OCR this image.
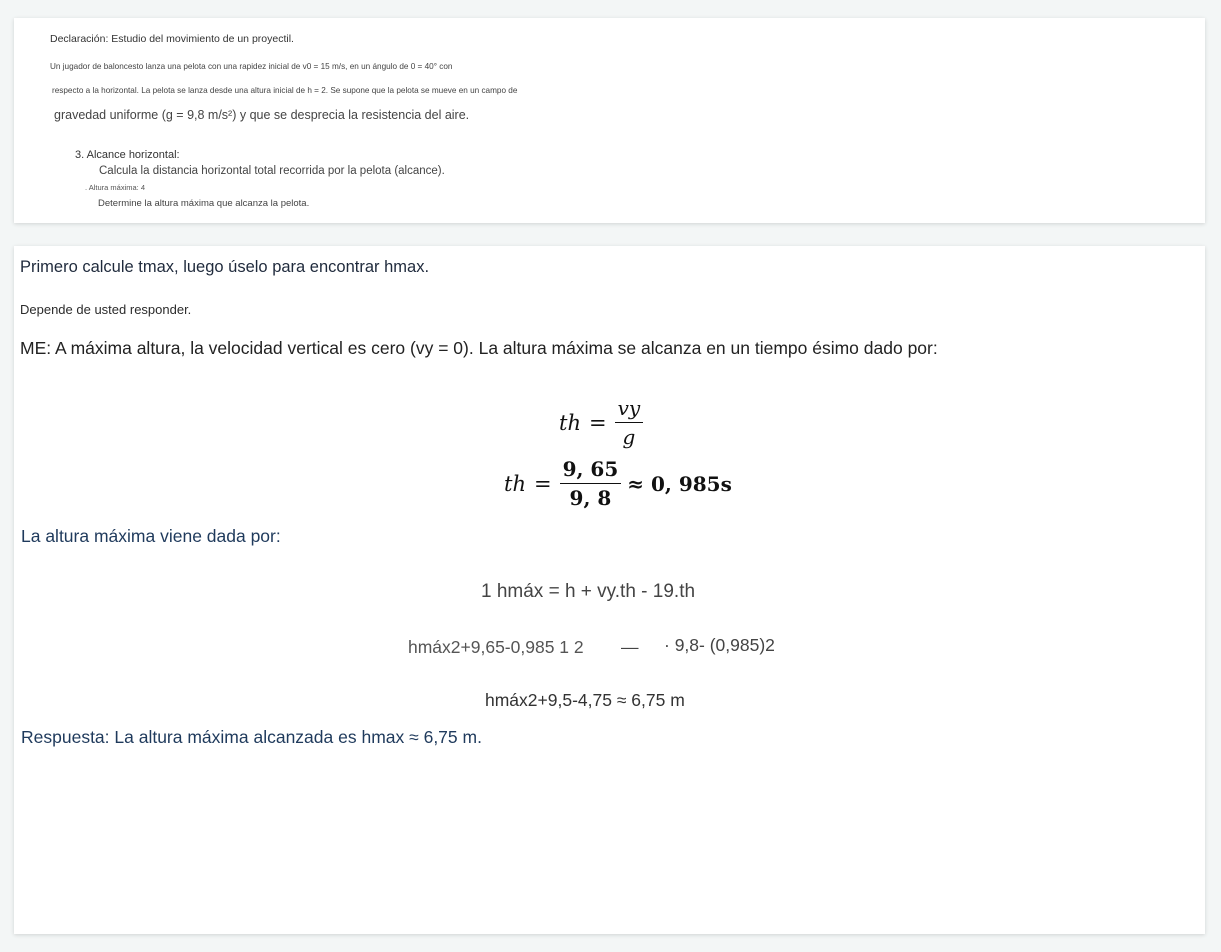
Declaración: Estudio del movimiento de un proyectil.
Un jugador de baloncesto lanza una pelota con una rapidez inicial de v0 = 15 m/s, en un ángulo de 0 = 40° con
respecto a la horizontal. La pelota se lanza desde una altura inicial de h = 2. Se supone que la pelota se mueve en un campo de
gravedad uniforme (g = 9,8 m/s²) y que se desprecia la resistencia del aire.
3. Alcance horizontal:
Calcula la distancia horizontal total recorrida por la pelota (alcance).
. Altura máxima: 4
Determine la altura máxima que alcanza la pelota.
Primero calcule tmax, luego úselo para encontrar hmax.
Depende de usted responder.
ME: A máxima altura, la velocidad vertical es cero (vy = 0). La altura máxima se alcanza en un tiempo ésimo dado por:
th = $\frac{vy}{g}$
th = $\frac{9, 65}{9, 8} \approx 0$, 985s
La altura máxima viene dada por:
1 hmáx = h + vy.th - 19.th
hmáx2+9,65-0,985 1 2 — · 9,8- (0,985)2
hmáx2+9,5-4,75 ≈ 6,75 m
Respuesta: La altura máxima alcanzada es hmax ≈ 6,75 m.
